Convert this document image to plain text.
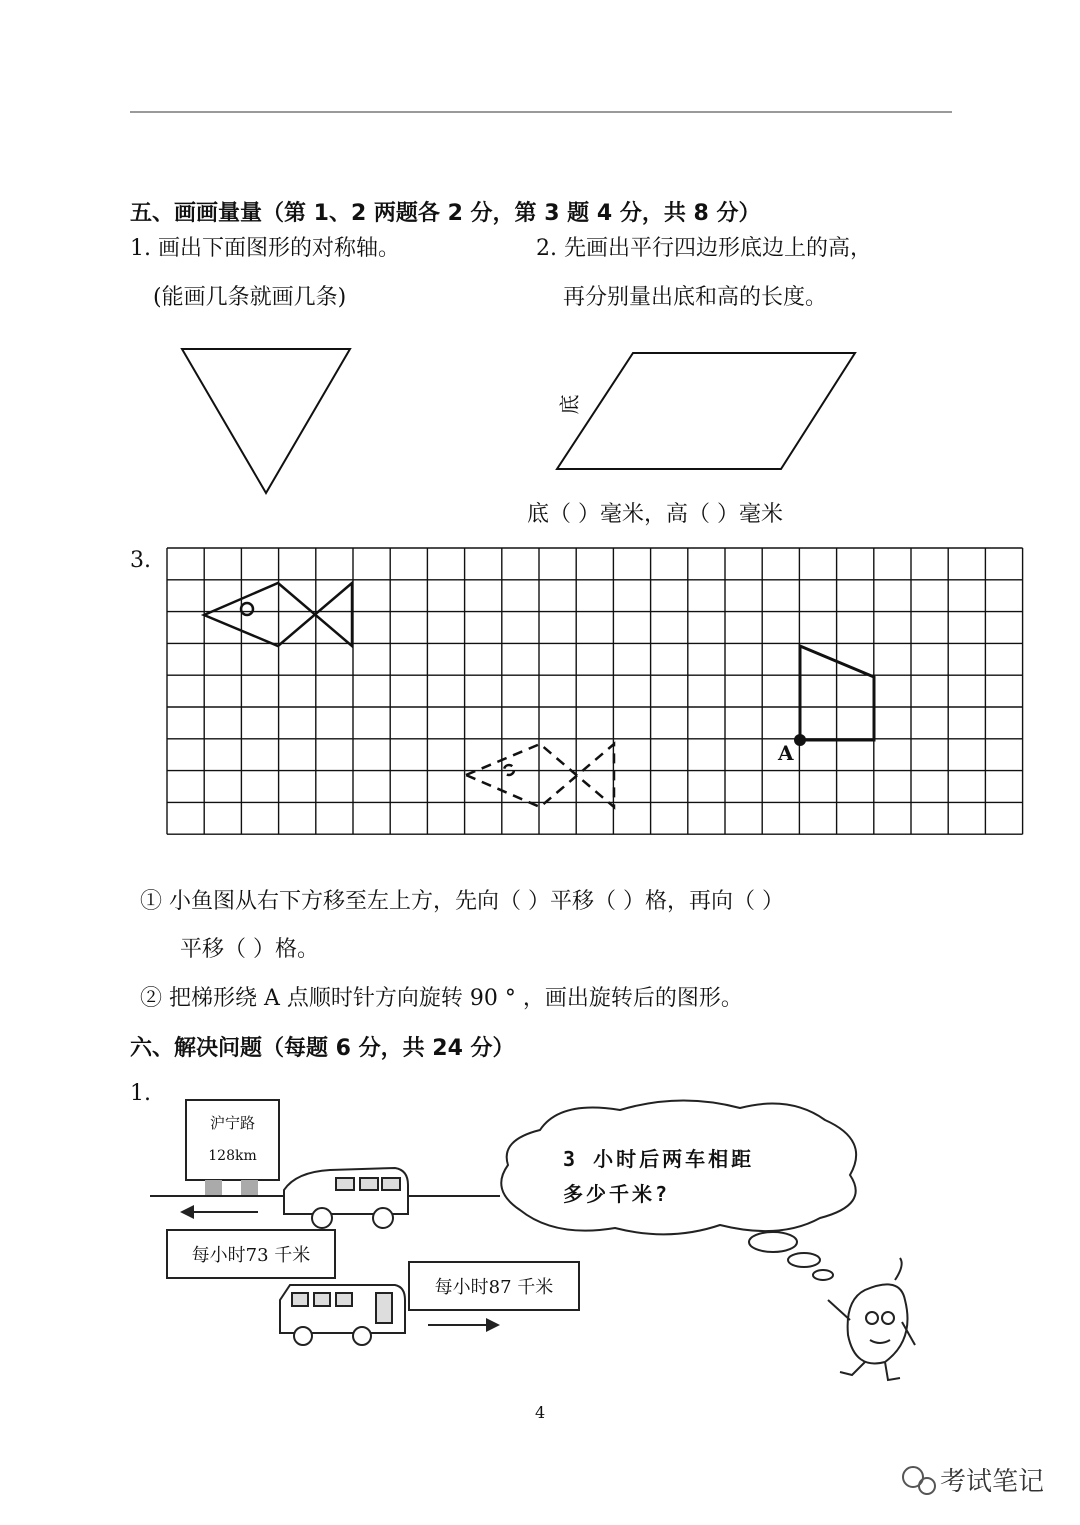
五、画画量量（第 1、2 两题各 2 分，第 3 题 4 分，共 8 分）
1. 画出下面图形的对称轴。
(能画几条就画几条)
2. 先画出平行四边形底边上的高，
再分别量出底和高的长度。
底
底（ ）毫米，高（ ）毫米
3.
A
① 小鱼图从右下方移至左上方，先向（ ）平移（ ）格，再向（ ）
平移（ ）格。
② 把梯形绕 A 点顺时针方向旋转 90 ° ，画出旋转后的图形。
六、解决问题（每题 6 分，共 24 分）
1.
沪宁路
128km
每小时73 千米
每小时87 千米
3 小时后两车相距
多少千米?
4
考试笔记
